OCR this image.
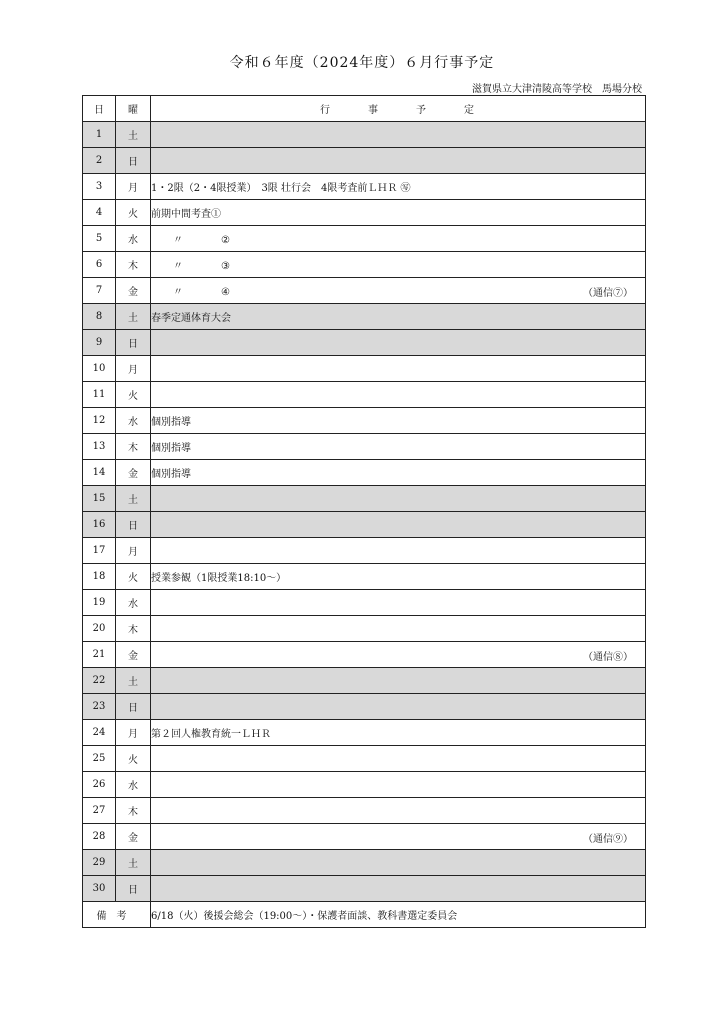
令和６年度（2024年度）６月行事予定
滋賀県立大津清陵高等学校　馬場分校
日	曜	行　　　事　　　予　　　定
1	土	
2	日	
3	月	1・2限（2・4限授業）　3限 壮行会　4限考査前ＬＨＲ ㊢
4	火	前期中間考査①
5	水	〃 ②
6	木	〃 ③
7	金	〃 ④ （通信⑦）

8	土	春季定通体育大会
9	日	
10	月	
11	火	
12	水	個別指導
13	木	個別指導
14	金	個別指導
15	土	
16	日	
17	月	
18	火	授業参観（1限授業18:10～）
19	水	
20	木	
21	金	（通信⑧）

22	土	
23	日	
24	月	第２回人権教育統一ＬＨＲ
25	火	
26	水	
27	木	
28	金	（通信⑨）

29	土	
30	日	
備考		6/18（火）後援会総会（19:00～）・保護者面談、教科書選定委員会
